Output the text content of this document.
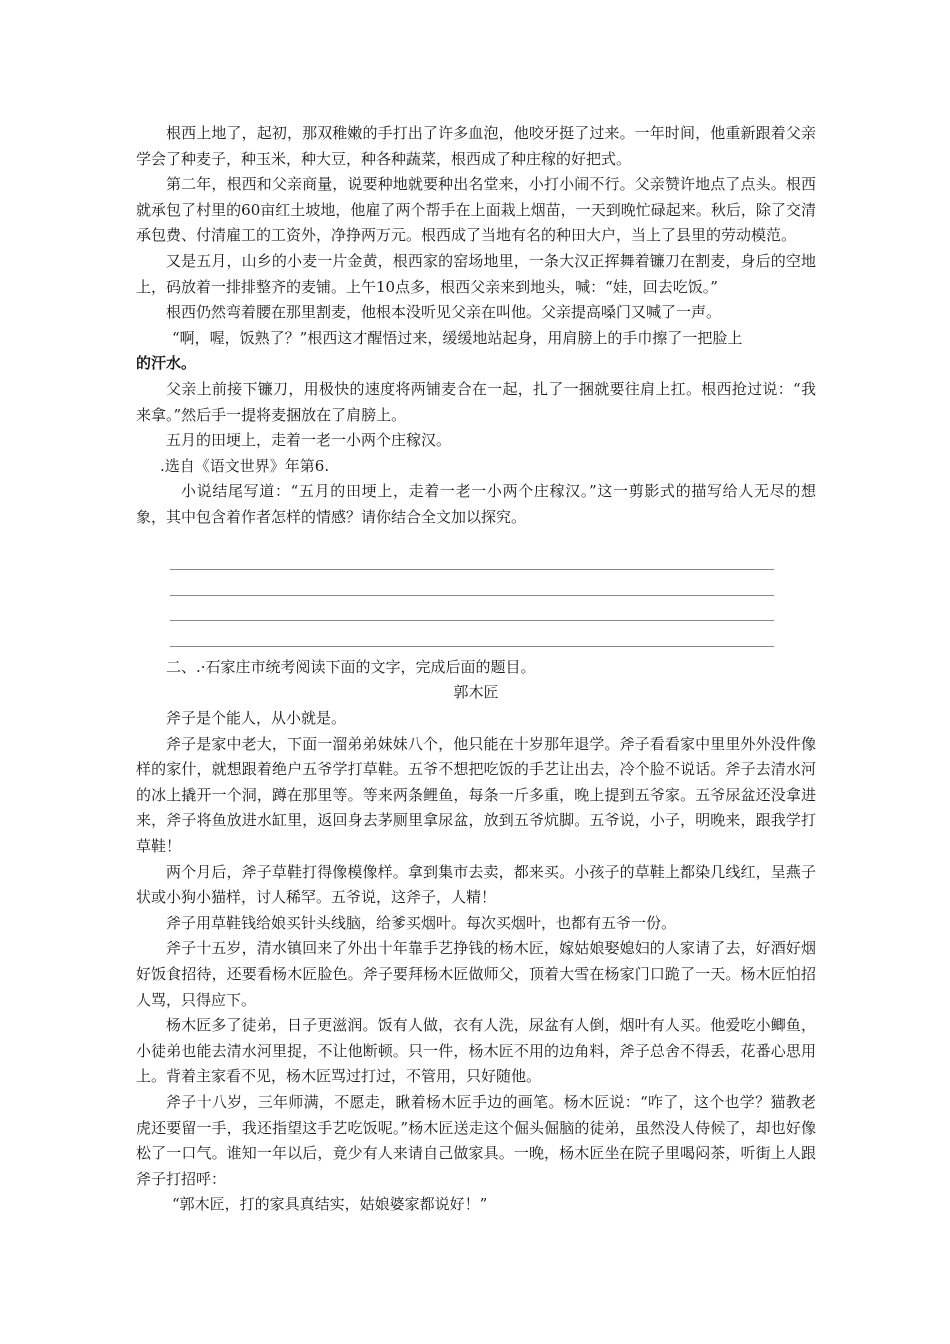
根西上地了，起初，那双稚嫩的手打出了许多血泡，他咬牙挺了过来。一年时间，他重新跟着父亲学会了种麦子，种玉米，种大豆，种各种蔬菜，根西成了种庄稼的好把式。

第二年，根西和父亲商量，说要种地就要种出名堂来，小打小闹不行。父亲赞许地点了点头。根西就承包了村里的60亩红土坡地，他雇了两个帮手在上面栽上烟苗，一天到晚忙碌起来。秋后，除了交清承包费、付清雇工的工资外，净挣两万元。根西成了当地有名的种田大户，当上了县里的劳动模范。

又是五月，山乡的小麦一片金黄，根西家的窑场地里，一条大汉正挥舞着镰刀在割麦，身后的空地上，码放着一排排整齐的麦铺。上午10点多，根西父亲来到地头，喊：“娃，回去吃饭。”

根西仍然弯着腰在那里割麦，他根本没听见父亲在叫他。父亲提高嗓门又喊了一声。

“啊，喔，饭熟了？”根西这才醒悟过来，缓缓地站起身，用肩膀上的手巾擦了一把脸上
的汗水。

父亲上前接下镰刀，用极快的速度将两铺麦合在一起，扎了一捆就要往肩上扛。根西抢过说：“我来拿。”然后手一提将麦捆放在了肩膀上。

五月的田埂上，走着一老一小两个庄稼汉。

.选自《语文世界》年第6.

小说结尾写道：“五月的田埂上，走着一老一小两个庄稼汉。”这一剪影式的描写给人无尽的想象，其中包含着作者怎样的情感？请你结合全文加以探究。

二、.·石家庄市统考阅读下面的文字，完成后面的题目。

郭木匠

斧子是个能人，从小就是。

斧子是家中老大，下面一溜弟弟妹妹八个，他只能在十岁那年退学。斧子看看家中里里外外没件像样的家什，就想跟着绝户五爷学打草鞋。五爷不想把吃饭的手艺让出去，冷个脸不说话。斧子去清水河的冰上撬开一个洞，蹲在那里等。等来两条鲤鱼，每条一斤多重，晚上提到五爷家。五爷尿盆还没拿进来，斧子将鱼放进水缸里，返回身去茅厕里拿尿盆，放到五爷炕脚。五爷说，小子，明晚来，跟我学打草鞋！

两个月后，斧子草鞋打得像模像样。拿到集市去卖，都来买。小孩子的草鞋上都染几线红，呈燕子状或小狗小猫样，讨人稀罕。五爷说，这斧子，人精！

斧子用草鞋钱给娘买针头线脑，给爹买烟叶。每次买烟叶，也都有五爷一份。

斧子十五岁，清水镇回来了外出十年靠手艺挣钱的杨木匠，嫁姑娘娶媳妇的人家请了去，好酒好烟好饭食招待，还要看杨木匠脸色。斧子要拜杨木匠做师父，顶着大雪在杨家门口跪了一天。杨木匠怕招人骂，只得应下。

杨木匠多了徒弟，日子更滋润。饭有人做，衣有人洗，尿盆有人倒，烟叶有人买。他爱吃小鲫鱼，小徒弟也能去清水河里捉，不让他断顿。只一件，杨木匠不用的边角料，斧子总舍不得丢，花番心思用上。背着主家看不见，杨木匠骂过打过，不管用，只好随他。

斧子十八岁，三年师满，不愿走，瞅着杨木匠手边的画笔。杨木匠说：“咋了，这个也学？猫教老虎还要留一手，我还指望这手艺吃饭呢。”杨木匠送走这个倔头倔脑的徒弟，虽然没人侍候了，却也好像松了一口气。谁知一年以后，竟少有人来请自己做家具。一晚，杨木匠坐在院子里喝闷茶，听街上人跟斧子打招呼：

“郭木匠，打的家具真结实，姑娘婆家都说好！”
